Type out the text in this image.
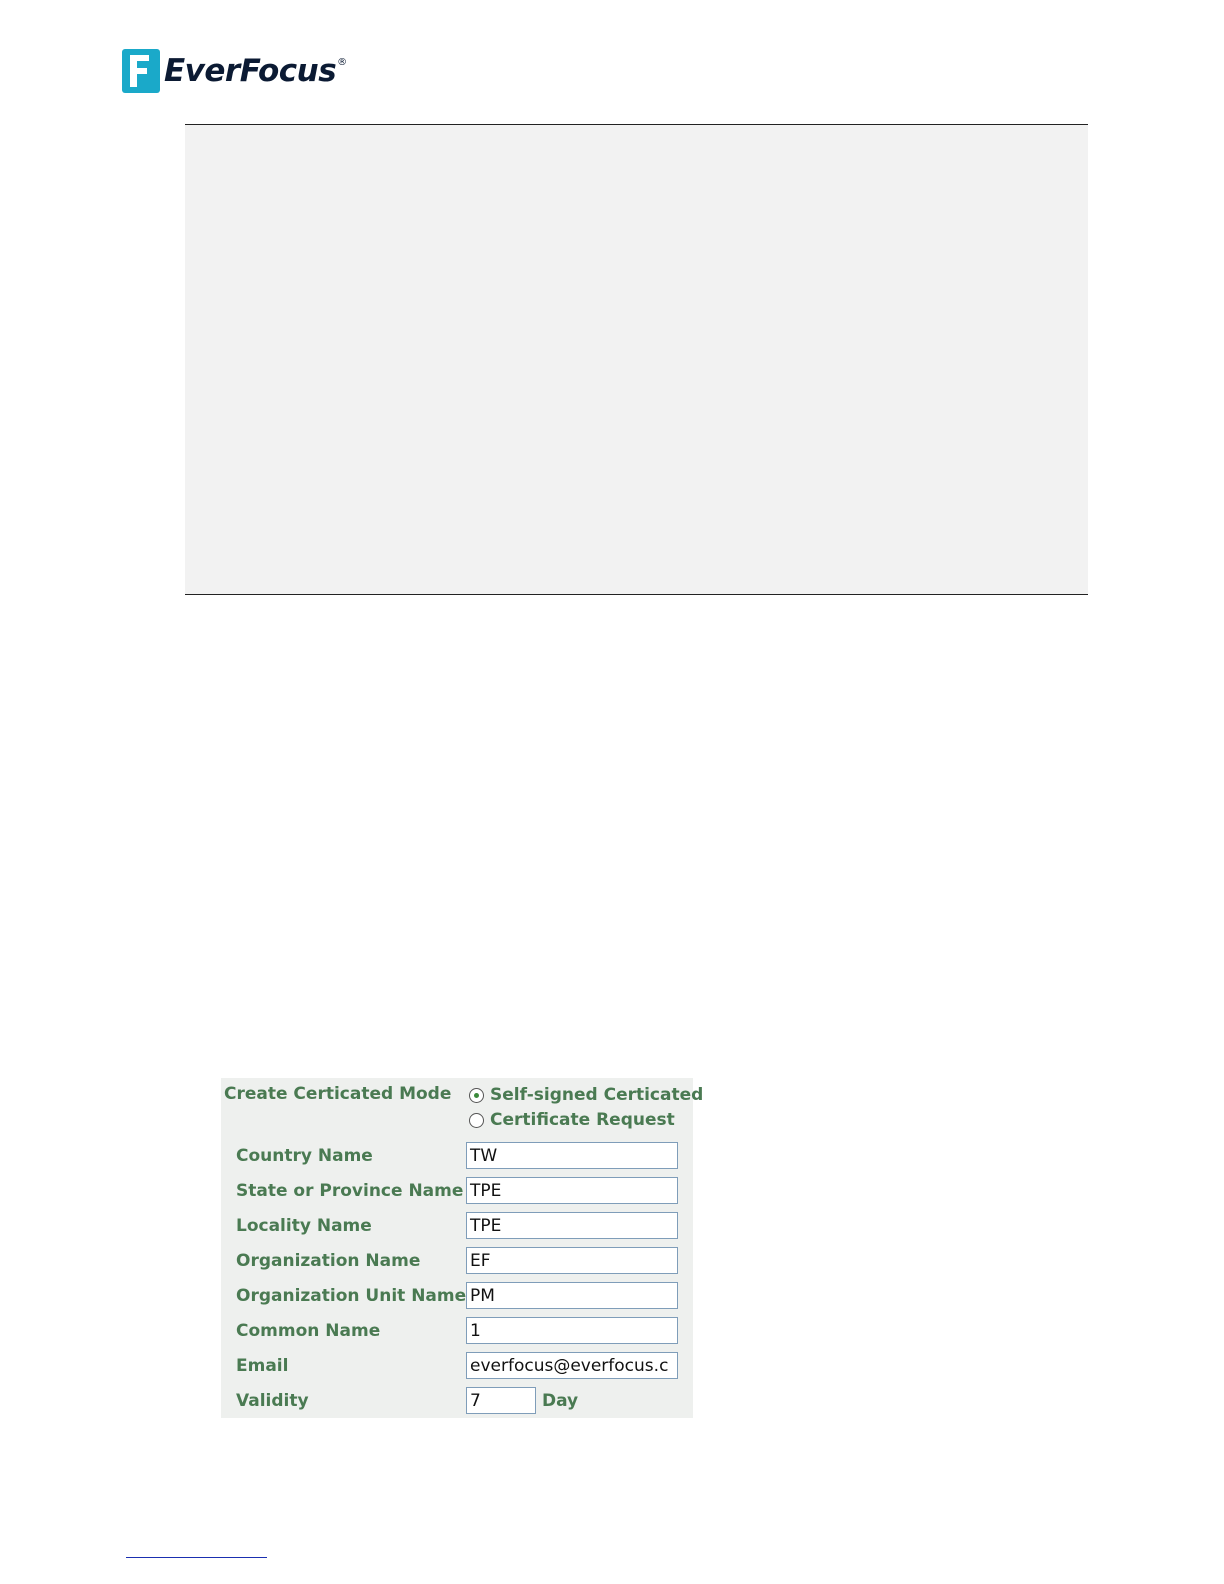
EverFocus ®
Create Certicated Mode Self-signed Certicated
Certificate Request
Country Name	TW
State or Province Name TPE
Locality Name	TPE
Organization Name	EF
Organization Unit Name PM
Common Name	1
Email	everfocus@everfocus.c
Validity	7	Day
